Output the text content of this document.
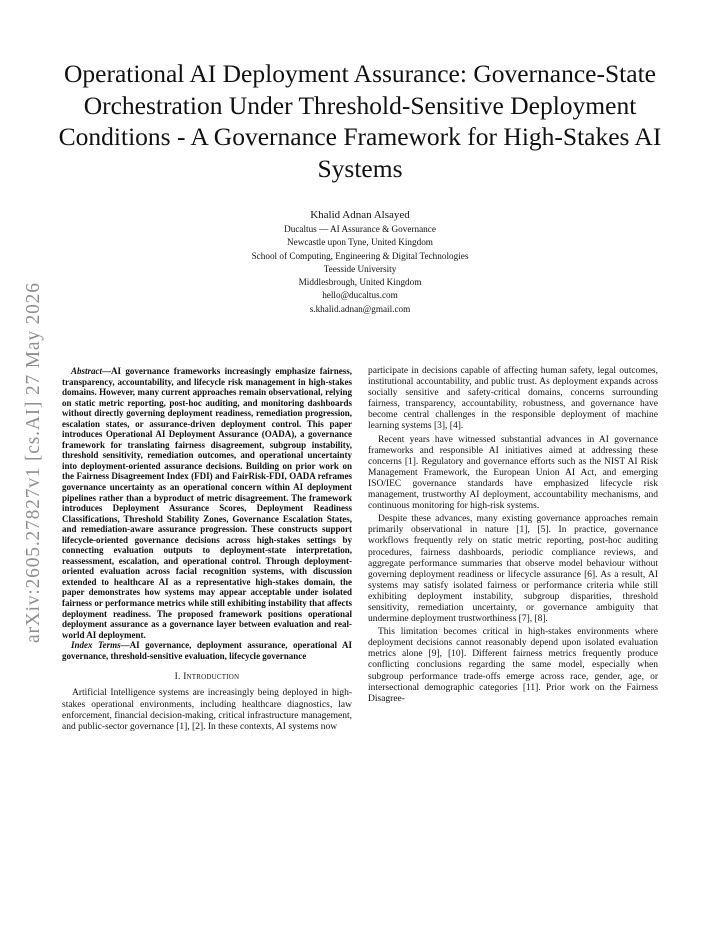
Operational AI Deployment Assurance: Governance-State Orchestration Under Threshold-Sensitive Deployment Conditions - A Governance Framework for High-Stakes AI Systems
Khalid Adnan Alsayed
Ducaltus — AI Assurance & Governance
Newcastle upon Tyne, United Kingdom
School of Computing, Engineering & Digital Technologies
Teesside University
Middlesbrough, United Kingdom
hello@ducaltus.com
s.khalid.adnan@gmail.com
arXiv:2605.27827v1 [cs.AI] 27 May 2026	Abstract—AI governance frameworks increasingly emphasize fairness, transparency, accountability, and lifecycle risk management in high-stakes domains. However, many current approaches remain observational, relying on static metric reporting, post-hoc auditing, and monitoring dashboards without directly governing deployment readiness, remediation progression, escalation states, or assurance-driven deployment control. This paper introduces Operational AI Deployment Assurance (OADA), a governance framework for translating fairness disagreement, subgroup instability, threshold sensitivity, remediation outcomes, and operational uncertainty into deployment-oriented assurance decisions. Building on prior work on the Fairness Disagreement Index (FDI) and FairRisk-FDI, OADA reframes governance uncertainty as an operational concern within AI deployment pipelines rather than a byproduct of metric disagreement. The framework introduces Deployment Assurance Scores, Deployment Readiness Classifications, Threshold Stability Zones, Governance Escalation States, and remediation-aware assurance progression. These constructs support lifecycle-oriented governance decisions across high-stakes settings by connecting evaluation outputs to deployment-state interpretation, reassessment, escalation, and operational control. Through deployment-oriented evaluation across facial recognition systems, with discussion extended to healthcare AI as a representative high-stakes domain, the paper demonstrates how systems may appear acceptable under isolated fairness or performance metrics while still exhibiting instability that affects deployment readiness. The proposed framework positions operational deployment assurance as a governance layer between evaluation and real-world AI deployment.

Index Terms—AI governance, deployment assurance, operational AI governance, threshold-sensitive evaluation, lifecycle governance

I. Introduction

Artificial Intelligence systems are increasingly being deployed in high-stakes operational environments, including healthcare diagnostics, law enforcement, financial decision-making, critical infrastructure management, and public-sector governance [1], [2]. In these contexts, AI systems now

participate in decisions capable of affecting human safety, legal outcomes, institutional accountability, and public trust. As deployment expands across socially sensitive and safety-critical domains, concerns surrounding fairness, transparency, accountability, robustness, and governance have become central challenges in the responsible deployment of machine learning systems [3], [4].

Recent years have witnessed substantial advances in AI governance frameworks and responsible AI initiatives aimed at addressing these concerns [1]. Regulatory and governance efforts such as the NIST AI Risk Management Framework, the European Union AI Act, and emerging ISO/IEC governance standards have emphasized lifecycle risk management, trustworthy AI deployment, accountability mechanisms, and continuous monitoring for high-risk systems.

Despite these advances, many existing governance approaches remain primarily observational in nature [1], [5]. In practice, governance workflows frequently rely on static metric reporting, post-hoc auditing procedures, fairness dashboards, periodic compliance reviews, and aggregate performance summaries that observe model behaviour without governing deployment readiness or lifecycle assurance [6]. As a result, AI systems may satisfy isolated fairness or performance criteria while still exhibiting deployment instability, subgroup disparities, threshold sensitivity, remediation uncertainty, or governance ambiguity that undermine deployment trustworthiness [7], [8].

This limitation becomes critical in high-stakes environments where deployment decisions cannot reasonably depend upon isolated evaluation metrics alone [9], [10]. Different fairness metrics frequently produce conflicting conclusions regarding the same model, especially when subgroup performance trade-offs emerge across race, gender, age, or intersectional demographic categories [11]. Prior work on the Fairness Disagree-
